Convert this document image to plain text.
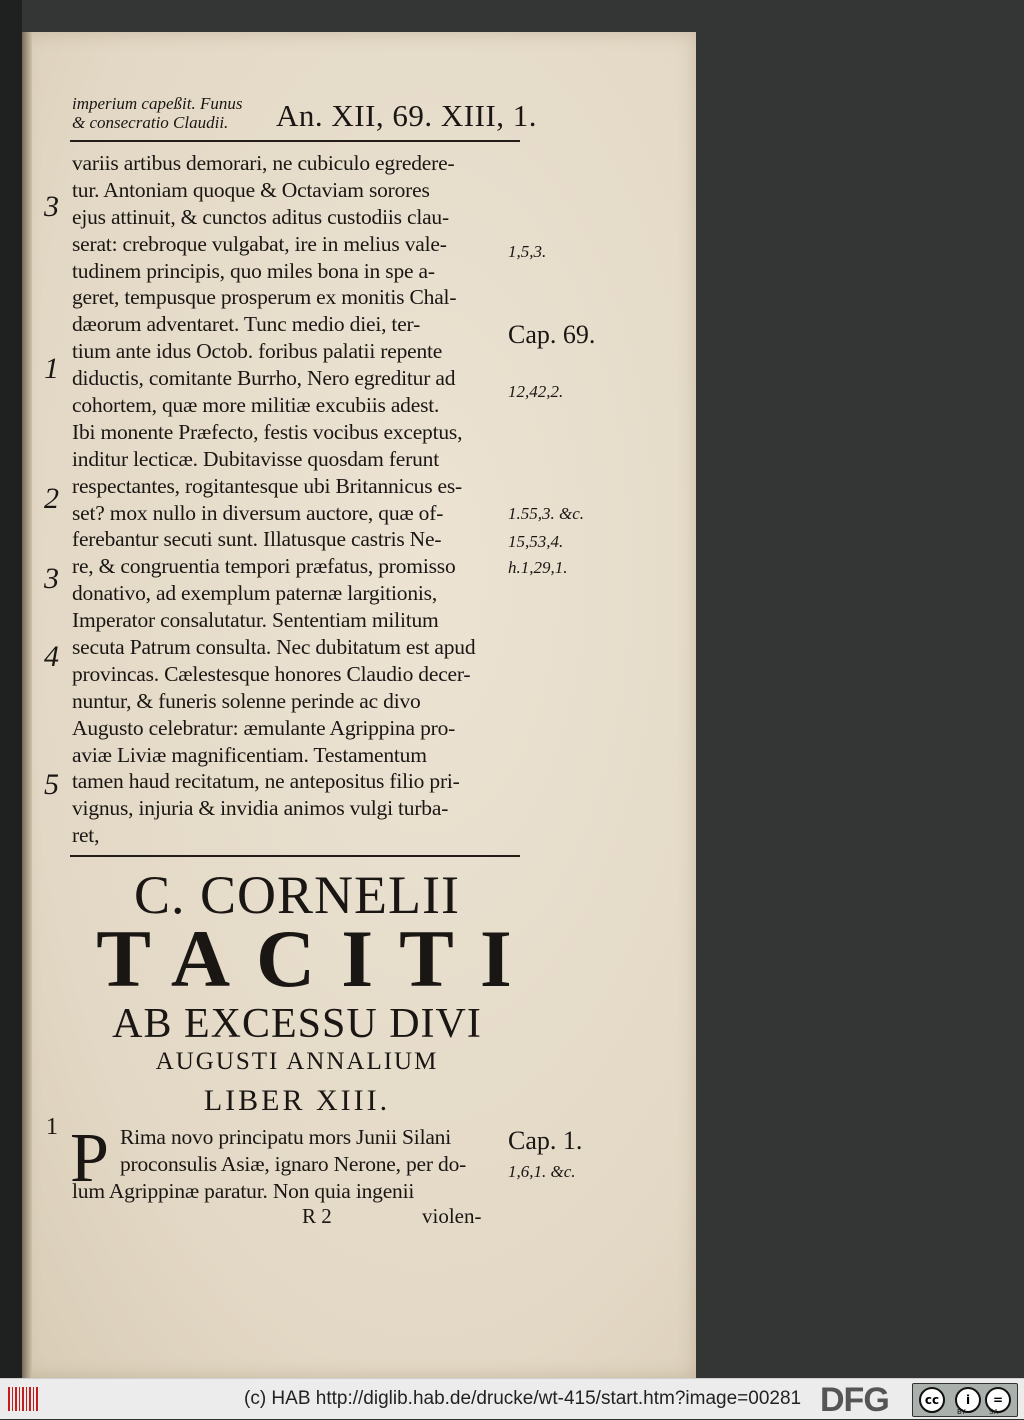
imperium capeßit. Funus
& consecratio Claudii.	An. XII, 69. XIII, 1.
variis artibus demorari, ne cubiculo egredere-
tur. Antoniam quoque & Octaviam sorores
ejus attinuit, & cunctos aditus custodiis clau-
serat: crebroque vulgabat, ire in melius vale-
tudinem principis, quo miles bona in spe a-
geret, tempusque prosperum ex monitis Chal-
dæorum adventaret. Tunc medio diei, ter-
tium ante idus Octob. foribus palatii repente
diductis, comitante Burrho, Nero egreditur ad
cohortem, quæ more militiæ excubiis adest.
Ibi monente Præfecto, festis vocibus exceptus,
inditur lecticæ. Dubitavisse quosdam ferunt
respectantes, rogitantesque ubi Britannicus es-
set? mox nullo in diversum auctore, quæ of-
ferebantur secuti sunt. Illatusque castris Ne-
re, & congruentia tempori præfatus, promisso
donativo, ad exemplum paternæ largitionis,
Imperator consalutatur. Sententiam militum
secuta Patrum consulta. Nec dubitatum est apud
provincas. Cælestesque honores Claudio decer-
nuntur, & funeris solenne perinde ac divo
Augusto celebratur: æmulante Agrippina pro-
aviæ Liviæ magnificentiam. Testamentum
tamen haud recitatum, ne antepositus filio pri-
vignus, injuria & invidia animos vulgi turba-
ret,
3
1
2
3
4
5
1,5,3.
Cap. 69.
12,42,2.
1.55,3. &c.
15,53,4.
h.1,29,1.
C. CORNELII
TACITI
AB EXCESSU DIVI
AUGUSTI ANNALIUM
LIBER XIII.
1 P Rima novo principatu mors Junii Silani
proconsulis Asiæ, ignaro Nerone, per do-
lum Agrippinæ paratur. Non quia ingenii
R 2	violen-
Cap. 1.
1,6,1. &c.
(c) HAB http://diglib.hab.de/drucke/wt-415/start.htm?image=00281 DFG	cc	i	=
BY	SA
